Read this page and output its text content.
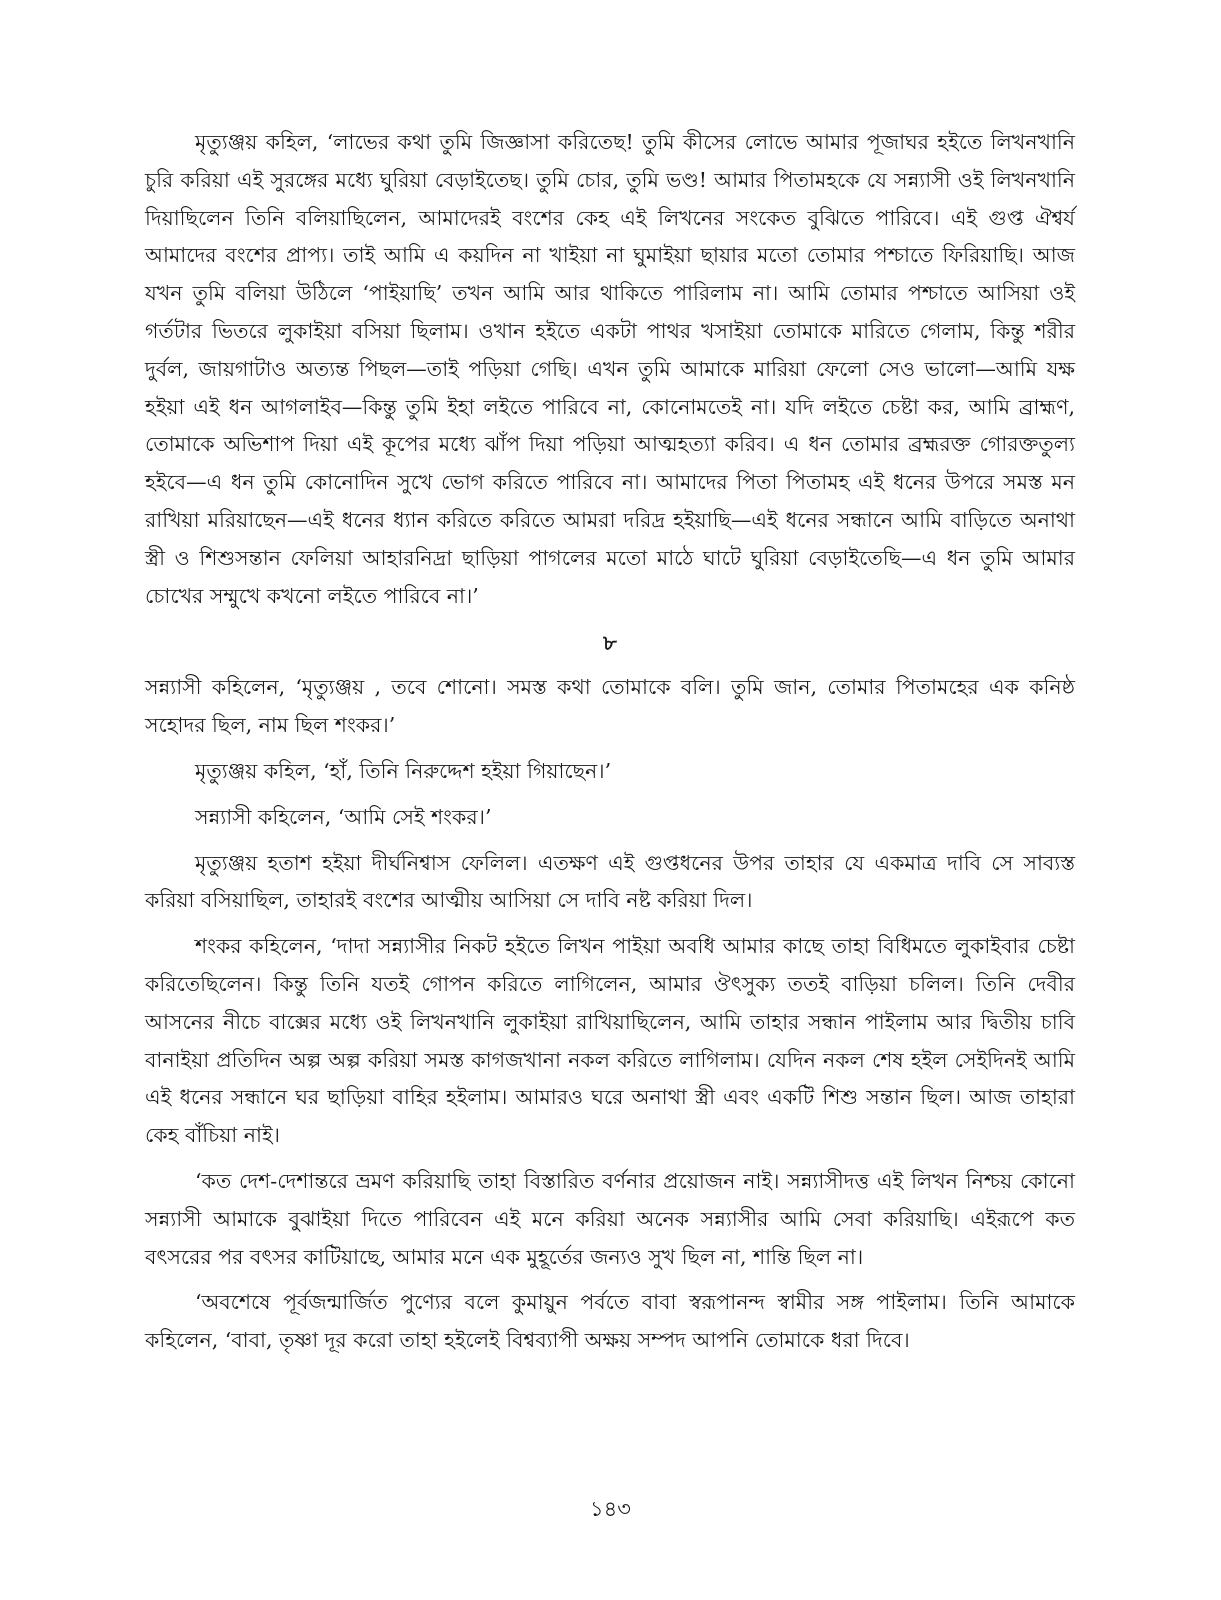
মৃত্যুঞ্জয় কহিল, ‘লাভের কথা তুমি জিজ্ঞাসা করিতেছ! তুমি কীসের লোভে আমার পূজাঘর হইতে লিখনখানি চুরি করিয়া এই সুরঙ্গের মধ্যে ঘুরিয়া বেড়াইতেছ। তুমি চোর, তুমি ভণ্ড! আমার পিতামহকে যে সন্ন্যাসী ওই লিখনখানি দিয়াছিলেন তিনি বলিয়াছিলেন, আমাদেরই বংশের কেহ এই লিখনের সংকেত বুঝিতে পারিবে। এই গুপ্ত ঐশ্বর্য আমাদের বংশের প্রাপ্য। তাই আমি এ কয়দিন না খাইয়া না ঘুমাইয়া ছায়ার মতো তোমার পশ্চাতে ফিরিয়াছি। আজ যখন তুমি বলিয়া উঠিলে ‘পাইয়াছি’ তখন আমি আর থাকিতে পারিলাম না। আমি তোমার পশ্চাতে আসিয়া ওই গর্তটার ভিতরে লুকাইয়া বসিয়া ছিলাম। ওখান হইতে একটা পাথর খসাইয়া তোমাকে মারিতে গেলাম, কিন্তু শরীর দুর্বল, জায়গাটাও অত্যন্ত পিছল—তাই পড়িয়া গেছি। এখন তুমি আমাকে মারিয়া ফেলো সেও ভালো—আমি যক্ষ হইয়া এই ধন আগলাইব—কিন্তু তুমি ইহা লইতে পারিবে না, কোনোমতেই না। যদি লইতে চেষ্টা কর, আমি ব্রাহ্মণ, তোমাকে অভিশাপ দিয়া এই কূপের মধ্যে ঝাঁপ দিয়া পড়িয়া আত্মহত্যা করিব। এ ধন তোমার ব্রহ্মরক্ত গোরক্ততুল্য হইবে—এ ধন তুমি কোনোদিন সুখে ভোগ করিতে পারিবে না। আমাদের পিতা পিতামহ এই ধনের উপরে সমস্ত মন রাখিয়া মরিয়াছেন—এই ধনের ধ্যান করিতে করিতে আমরা দরিদ্র হইয়াছি—এই ধনের সন্ধানে আমি বাড়িতে অনাথা স্ত্রী ও শিশুসন্তান ফেলিয়া আহারনিদ্রা ছাড়িয়া পাগলের মতো মাঠে ঘাটে ঘুরিয়া বেড়াইতেছি—এ ধন তুমি আমার চোখের সম্মুখে কখনো লইতে পারিবে না।’

৮

সন্ন্যাসী কহিলেন, ‘মৃত্যুঞ্জয় , তবে শোনো। সমস্ত কথা তোমাকে বলি। তুমি জান, তোমার পিতামহের এক কনিষ্ঠ সহোদর ছিল, নাম ছিল শংকর।’

মৃত্যুঞ্জয় কহিল, ‘হাঁ, তিনি নিরুদ্দেশ হইয়া গিয়াছেন।’

সন্ন্যাসী কহিলেন, ‘আমি সেই শংকর।’

মৃত্যুঞ্জয় হতাশ হইয়া দীর্ঘনিশ্বাস ফেলিল। এতক্ষণ এই গুপ্তধনের উপর তাহার যে একমাত্র দাবি সে সাব্যস্ত করিয়া বসিয়াছিল, তাহারই বংশের আত্মীয় আসিয়া সে দাবি নষ্ট করিয়া দিল।

শংকর কহিলেন, ‘দাদা সন্ন্যাসীর নিকট হইতে লিখন পাইয়া অবধি আমার কাছে তাহা বিধিমতে লুকাইবার চেষ্টা করিতেছিলেন। কিন্তু তিনি যতই গোপন করিতে লাগিলেন, আমার ঔৎসুক্য ততই বাড়িয়া চলিল। তিনি দেবীর আসনের নীচে বাক্সের মধ্যে ওই লিখনখানি লুকাইয়া রাখিয়াছিলেন, আমি তাহার সন্ধান পাইলাম আর দ্বিতীয় চাবি বানাইয়া প্রতিদিন অল্প অল্প করিয়া সমস্ত কাগজখানা নকল করিতে লাগিলাম। যেদিন নকল শেষ হইল সেইদিনই আমি এই ধনের সন্ধানে ঘর ছাড়িয়া বাহির হইলাম। আমারও ঘরে অনাথা স্ত্রী এবং একটি শিশু সন্তান ছিল। আজ তাহারা কেহ বাঁচিয়া নাই।

‘কত দেশ-দেশান্তরে ভ্রমণ করিয়াছি তাহা বিস্তারিত বর্ণনার প্রয়োজন নাই। সন্ন্যাসীদত্ত এই লিখন নিশ্চয় কোনো সন্ন্যাসী আমাকে বুঝাইয়া দিতে পারিবেন এই মনে করিয়া অনেক সন্ন্যাসীর আমি সেবা করিয়াছি। এইরূপে কত বৎসরের পর বৎসর কাটিয়াছে, আমার মনে এক মুহূর্তের জন্যও সুখ ছিল না, শান্তি ছিল না।

‘অবশেষে পূর্বজন্মার্জিত পুণ্যের বলে কুমায়ুন পর্বতে বাবা স্বরূপানন্দ স্বামীর সঙ্গ পাইলাম। তিনি আমাকে কহিলেন, ‘বাবা, তৃষ্ণা দূর করো তাহা হইলেই বিশ্বব্যাপী অক্ষয় সম্পদ আপনি তোমাকে ধরা দিবে।

১৪৩
